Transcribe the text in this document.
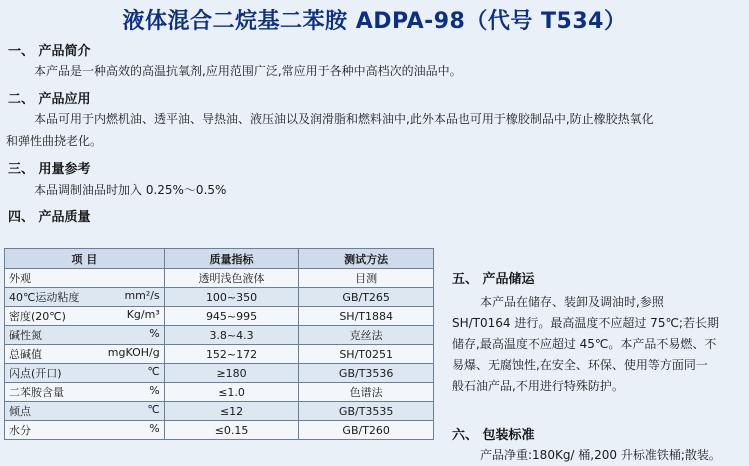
液体混合二烷基二苯胺 ADPA-98（代号 T534）
一、 产品简介
本产品是一种高效的高温抗氧剂,应用范围广泛,常应用于各种中高档次的油品中。
二、 产品应用
本品可用于内燃机油、透平油、导热油、液压油以及润滑脂和燃料油中,此外本品也可用于橡胶制品中,防止橡胶热氧化
和弹性曲挠老化。
三、 用量参考
本品调制油品时加入 0.25%～0.5%
四、 产品质量
项 目	质量指标	测试方法

外观	透明浅色液体	目测

40℃运动粘度 mm²/s	100~350	GB/T265

密度(20℃) Kg/m³	945~995	SH/T1884

碱性氮 %	3.8~4.3	克丝法

总碱值 mgKOH/g	152~172	SH/T0251

闪点(开口) ℃	≥180	GB/T3536

二苯胺含量 %	≤1.0	色谱法

倾点 ℃	≤12	GB/T3535

水分 %	≤0.15	GB/T260
五、 产品储运
本产品在储存、装卸及调油时,参照
SH/T0164 进行。最高温度不应超过 75℃;若长期
储存,最高温度不应超过 45℃。本产品不易燃、不
易爆、无腐蚀性,在安全、环保、使用等方面同一
般石油产品,不用进行特殊防护。
六、 包装标准
产品净重:180Kg/ 桶,200 升标准铁桶;散装。
